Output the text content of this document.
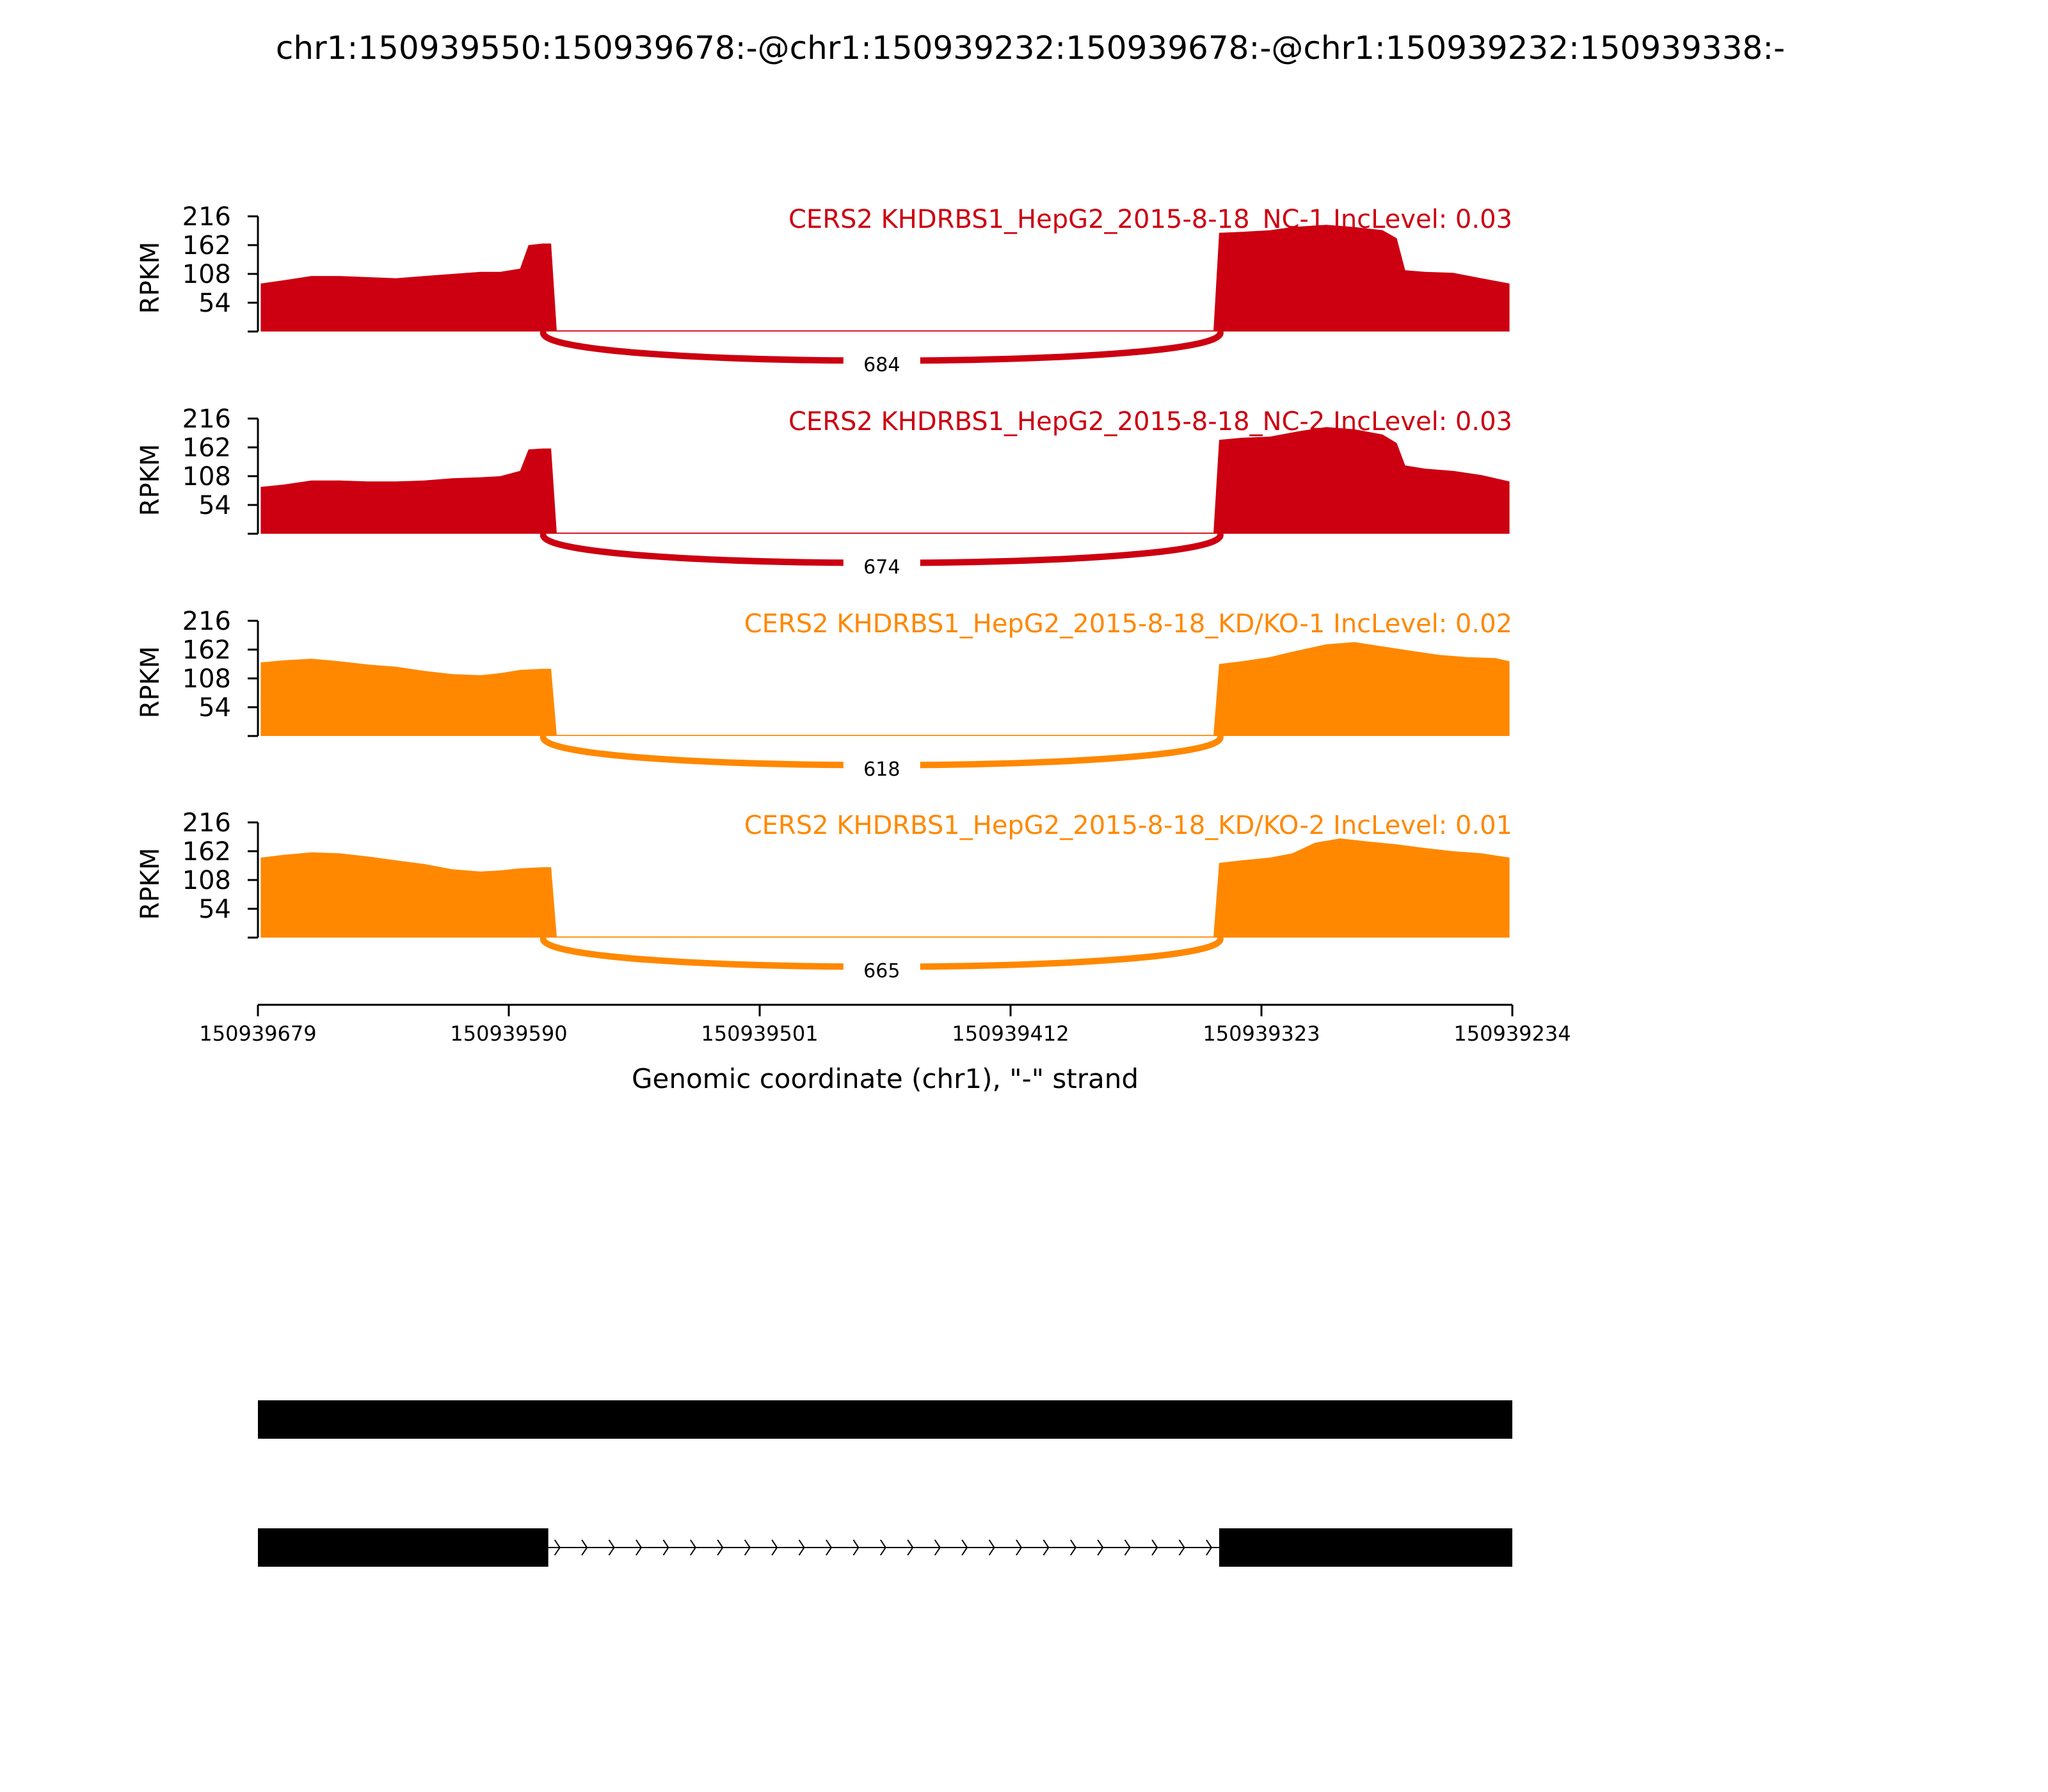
chr1:150939550:150939678:-@chr1:150939232:150939678:-@chr1:150939232:150939338:-
684
216
162
108
54
RPKM
CERS2 KHDRBS1_HepG2_2015-8-18_NC-1 IncLevel: 0.03
674
216
162
108
54
RPKM
CERS2 KHDRBS1_HepG2_2015-8-18_NC-2 IncLevel: 0.03
618
216
162
108
54
RPKM
CERS2 KHDRBS1_HepG2_2015-8-18_KD/KO-1 IncLevel: 0.02
665
216
162
108
54
RPKM
CERS2 KHDRBS1_HepG2_2015-8-18_KD/KO-2 IncLevel: 0.01
150939679	150939590	150939501	150939412	150939323	150939234
Genomic coordinate (chr1), "-" strand
